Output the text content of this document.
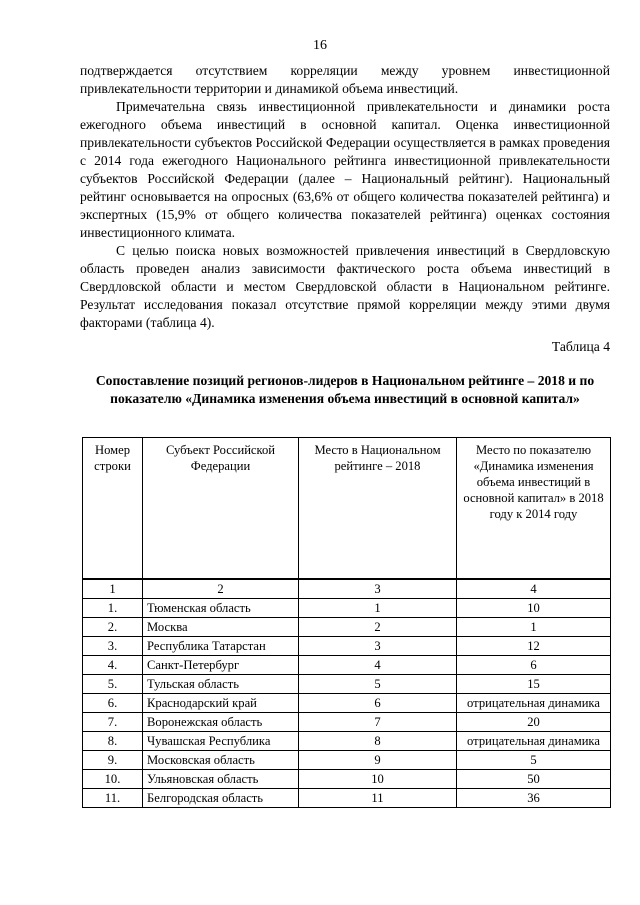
16

подтверждается отсутствием корреляции между уровнем инвестиционной привлекательности территории и динамикой объема инвестиций.

Примечательна связь инвестиционной привлекательности и динамики роста ежегодного объема инвестиций в основной капитал. Оценка инвестиционной привлекательности субъектов Российской Федерации осуществляется в рамках проведения с 2014 года ежегодного Национального рейтинга инвестиционной привлекательности субъектов Российской Федерации (далее – Национальный рейтинг). Национальный рейтинг основывается на опросных (63,6% от общего количества показателей рейтинга) и экспертных (15,9% от общего количества показателей рейтинга) оценках состояния инвестиционного климата.

С целью поиска новых возможностей привлечения инвестиций в Свердловскую область проведен анализ зависимости фактического роста объема инвестиций в Свердловской области и местом Свердловской области в Национальном рейтинге. Результат исследования показал отсутствие прямой корреляции между этими двумя факторами (таблица 4).

Таблица 4
Сопоставление позиций регионов-лидеров в Национальном рейтинге – 2018 и по показателю «Динамика изменения объема инвестиций в основной капитал»
Номер строки	Субъект Российской Федерации	Место в Национальном рейтинге – 2018	Место по показателю «Динамика изменения объема инвестиций в основной капитал» в 2018 году к 2014 году
1	2	3	4
1.	Тюменская область	1	10
2.	Москва	2	1
3.	Республика Татарстан	3	12
4.	Санкт-Петербург	4	6
5.	Тульская область	5	15
6.	Краснодарский край	6	отрицательная динамика
7.	Воронежская область	7	20
8.	Чувашская Республика	8	отрицательная динамика
9.	Московская область	9	5
10.	Ульяновская область	10	50
11.	Белгородская область	11	36
